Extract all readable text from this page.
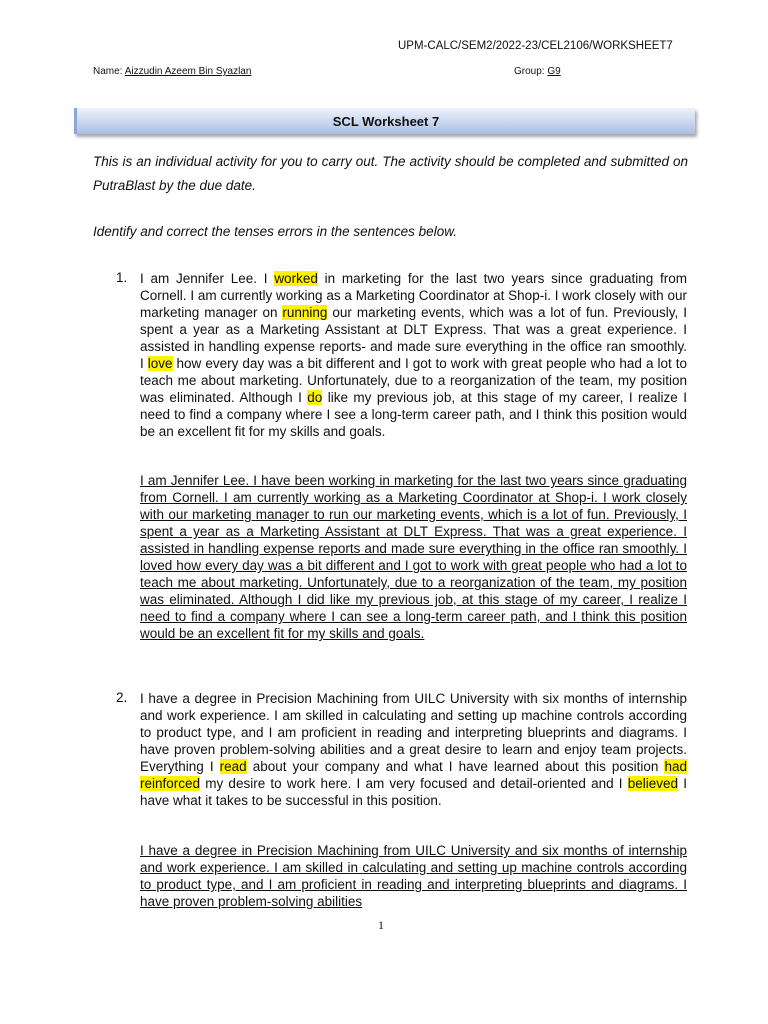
UPM-CALC/SEM2/2022-23/CEL2106/WORKSHEET7
Name: Aizzudin Azeem Bin Syazlan	Group: G9
SCL Worksheet 7
This is an individual activity for you to carry out. The activity should be completed and submitted on PutraBlast by the due date.
Identify and correct the tenses errors in the sentences below.
1. I am Jennifer Lee. I worked in marketing for the last two years since graduating from Cornell. I am currently working as a Marketing Coordinator at Shop-i. I work closely with our marketing manager on running our marketing events, which was a lot of fun. Previously, I spent a year as a Marketing Assistant at DLT Express. That was a great experience. I assisted in handling expense reports- and made sure everything in the office ran smoothly. I love how every day was a bit different and I got to work with great people who had a lot to teach me about marketing. Unfortunately, due to a reorganization of the team, my position was eliminated. Although I do like my previous job, at this stage of my career, I realize I need to find a company where I see a long-term career path, and I think this position would be an excellent fit for my skills and goals.
I am Jennifer Lee. I have been working in marketing for the last two years since graduating from Cornell. I am currently working as a Marketing Coordinator at Shop-i. I work closely with our marketing manager to run our marketing events, which is a lot of fun. Previously, I spent a year as a Marketing Assistant at DLT Express. That was a great experience. I assisted in handling expense reports and made sure everything in the office ran smoothly. I loved how every day was a bit different and I got to work with great people who had a lot to teach me about marketing. Unfortunately, due to a reorganization of the team, my position was eliminated. Although I did like my previous job, at this stage of my career, I realize I need to find a company where I can see a long-term career path, and I think this position would be an excellent fit for my skills and goals.
2. I have a degree in Precision Machining from UILC University with six months of internship and work experience. I am skilled in calculating and setting up machine controls according to product type, and I am proficient in reading and interpreting blueprints and diagrams. I have proven problem-solving abilities and a great desire to learn and enjoy team projects. Everything I read about your company and what I have learned about this position had reinforced my desire to work here. I am very focused and detail-oriented and I believed I have what it takes to be successful in this position.
I have a degree in Precision Machining from UILC University and six months of internship and work experience. I am skilled in calculating and setting up machine controls according to product type, and I am proficient in reading and interpreting blueprints and diagrams. I have proven problem-solving abilities
1
